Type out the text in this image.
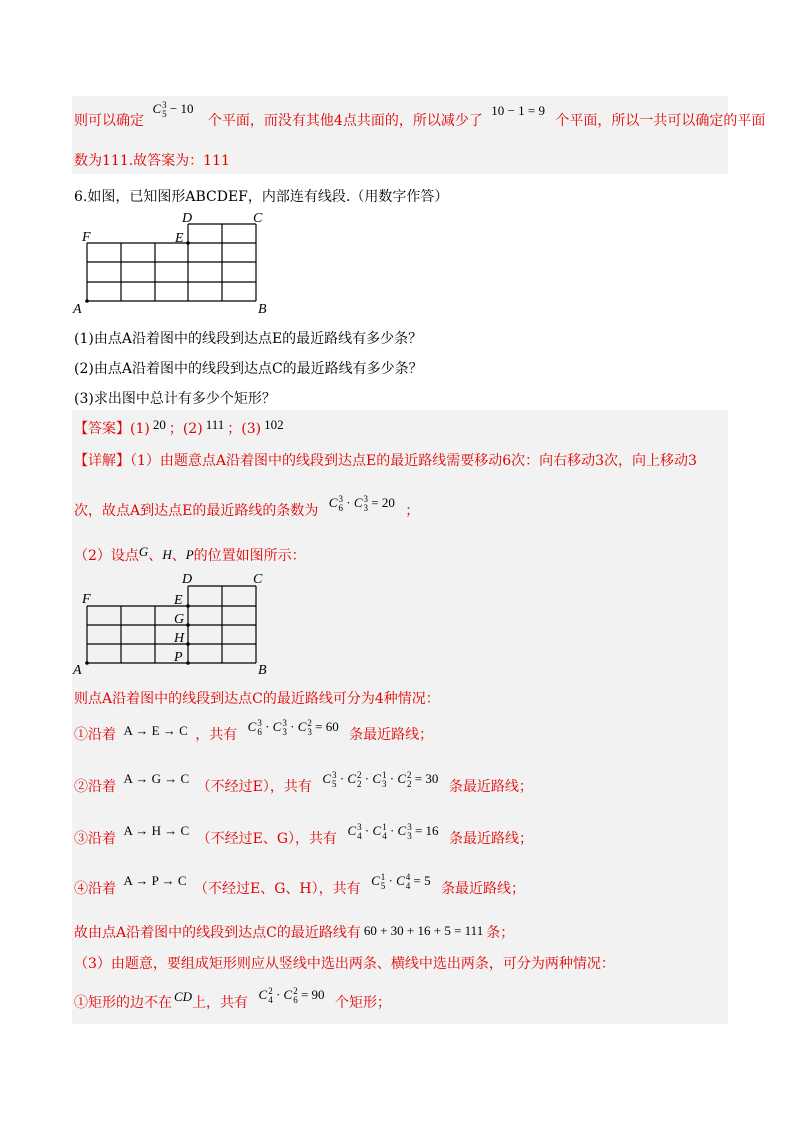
则可以确定 C 3
5 − 10 个平面，而没有其他4点共面的，所以减少了 10 − 1 = 9 个平面，所以一共可以确定的平面
数为111.故答案为：111
6.如图，已知图形ABCDEF，内部连有线段.（用数字作答）
F	E
D	C
A	B
(1)由点A沿着图中的线段到达点E的最近路线有多少条？
(2)由点A沿着图中的线段到达点C的最近路线有多少条？
(3)求出图中总计有多少个矩形？
【答案】(1) 20 ；(2) 111 ；(3) 102
【详解】（1）由题意点A沿着图中的线段到达点E的最近路线需要移动6次：向右移动3次，向上移动3
次，故点A到达点E的最近路线的条数为 C 3
6 · C 3
3 = 20 ；
（2）设点G、H、P的位置如图所示：
F	E
G
H
P
D	C
A	B
则点A沿着图中的线段到达点C的最近路线可分为4种情况：
①沿着 A → E → C ，共有 C 3
6 · C 3
3 · C 2
3 = 60 条最近路线；
②沿着 A → G → C （不经过E），共有 C 3
5 · C 2
2 · C 1
3 · C 2
2 = 30 条最近路线；
③沿着 A → H → C （不经过E、G），共有 C 3
4 · C 1
4 · C 3
3 = 16 条最近路线；
④沿着 A → P → C （不经过E、G、H），共有 C 1
5 · C 4
4 = 5 条最近路线；
故由点A沿着图中的线段到达点C的最近路线有 60 + 30 + 16 + 5 = 111 条；
（3）由题意，要组成矩形则应从竖线中选出两条、横线中选出两条，可分为两种情况：
①矩形的边不在 CD上，共有 C 2
4 · C 2
6 = 90 个矩形；
